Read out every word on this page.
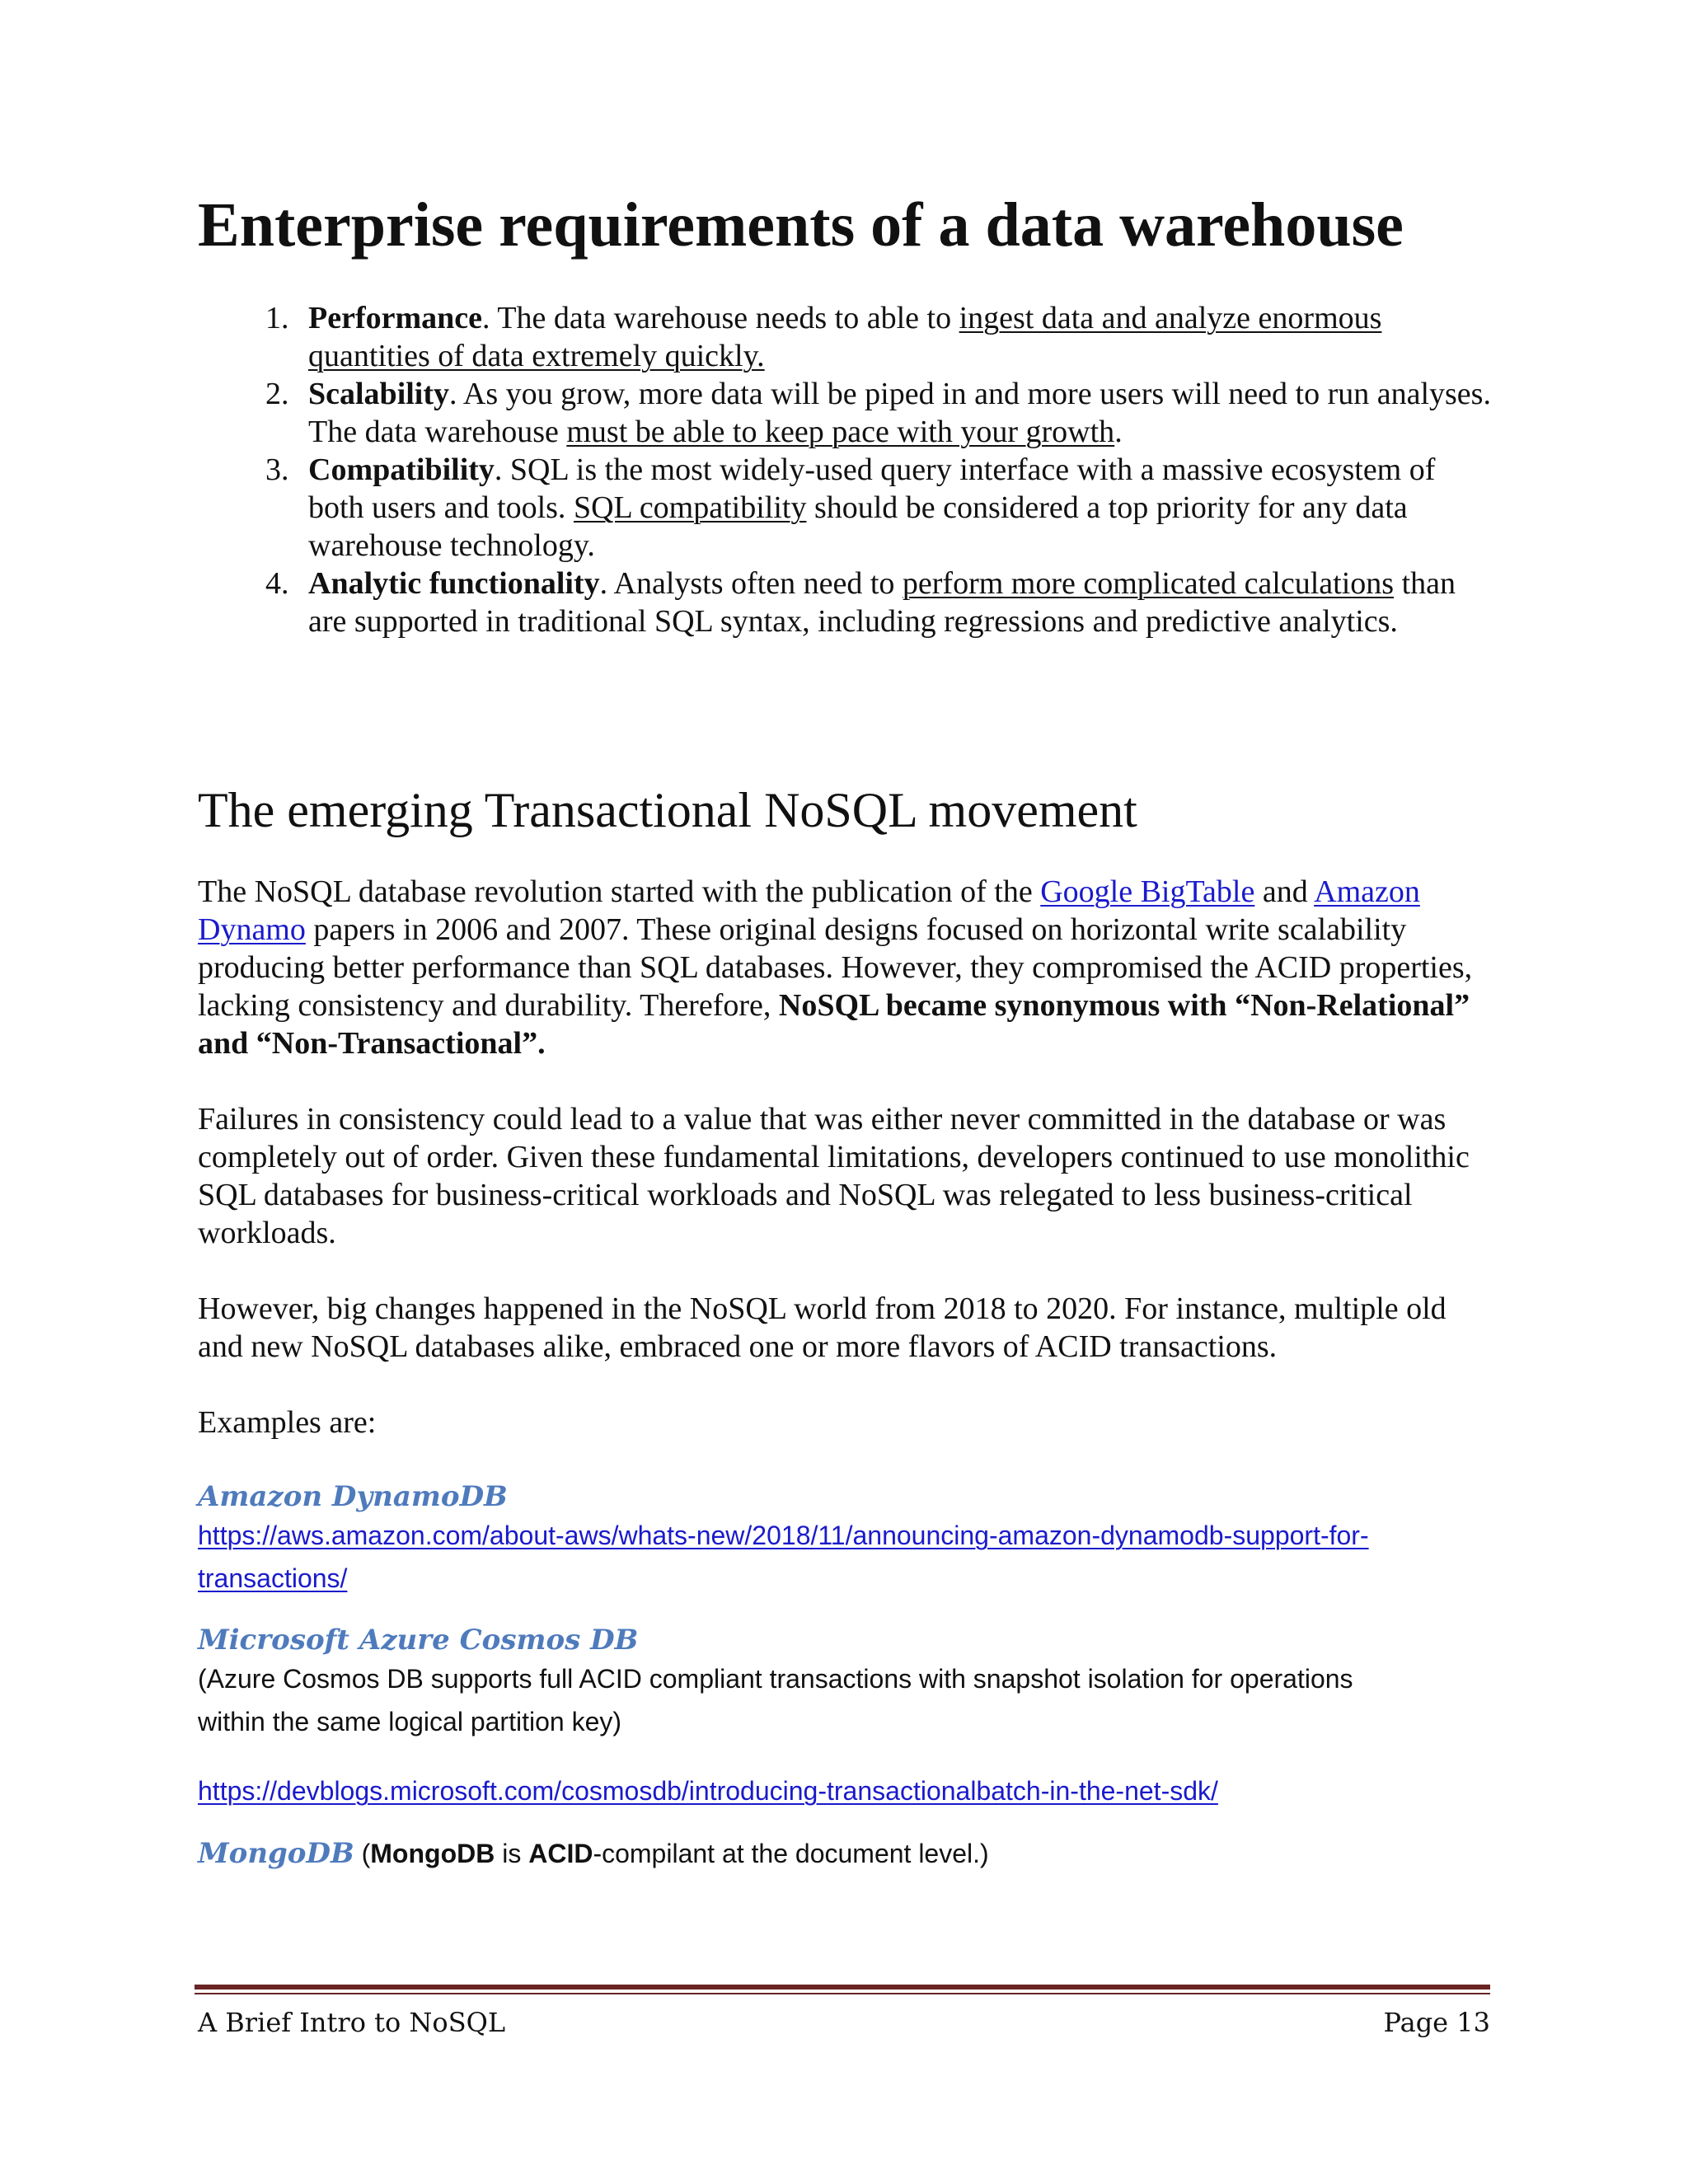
Enterprise requirements of a data warehouse
1. Performance. The data warehouse needs to able to ingest data and analyze enormous quantities of data extremely quickly.
2. Scalability. As you grow, more data will be piped in and more users will need to run analyses. The data warehouse must be able to keep pace with your growth.
3. Compatibility. SQL is the most widely-used query interface with a massive ecosystem of both users and tools. SQL compatibility should be considered a top priority for any data warehouse technology.
4. Analytic functionality. Analysts often need to perform more complicated calculations than are supported in traditional SQL syntax, including regressions and predictive analytics.
The emerging Transactional NoSQL movement

The NoSQL database revolution started with the publication of the Google BigTable and Amazon Dynamo papers in 2006 and 2007. These original designs focused on horizontal write scalability producing better performance than SQL databases. However, they compromised the ACID properties, lacking consistency and durability. Therefore, NoSQL became synonymous with “Non-Relational” and “Non-Transactional”.

Failures in consistency could lead to a value that was either never committed in the database or was completely out of order. Given these fundamental limitations, developers continued to use monolithic SQL databases for business-critical workloads and NoSQL was relegated to less business-critical workloads.

However, big changes happened in the NoSQL world from 2018 to 2020. For instance, multiple old and new NoSQL databases alike, embraced one or more flavors of ACID transactions.

Examples are:

Amazon DynamoDB
https://aws.amazon.com/about-aws/whats-new/2018/11/announcing-amazon-dynamodb-support-for-
transactions/
Microsoft Azure Cosmos DB
(Azure Cosmos DB supports full ACID compliant transactions with snapshot isolation for operations
within the same logical partition key)
https://devblogs.microsoft.com/cosmosdb/introducing-transactionalbatch-in-the-net-sdk/
MongoDB (MongoDB is ACID-compilant at the document level.)
A Brief Intro to NoSQL	Page 13
